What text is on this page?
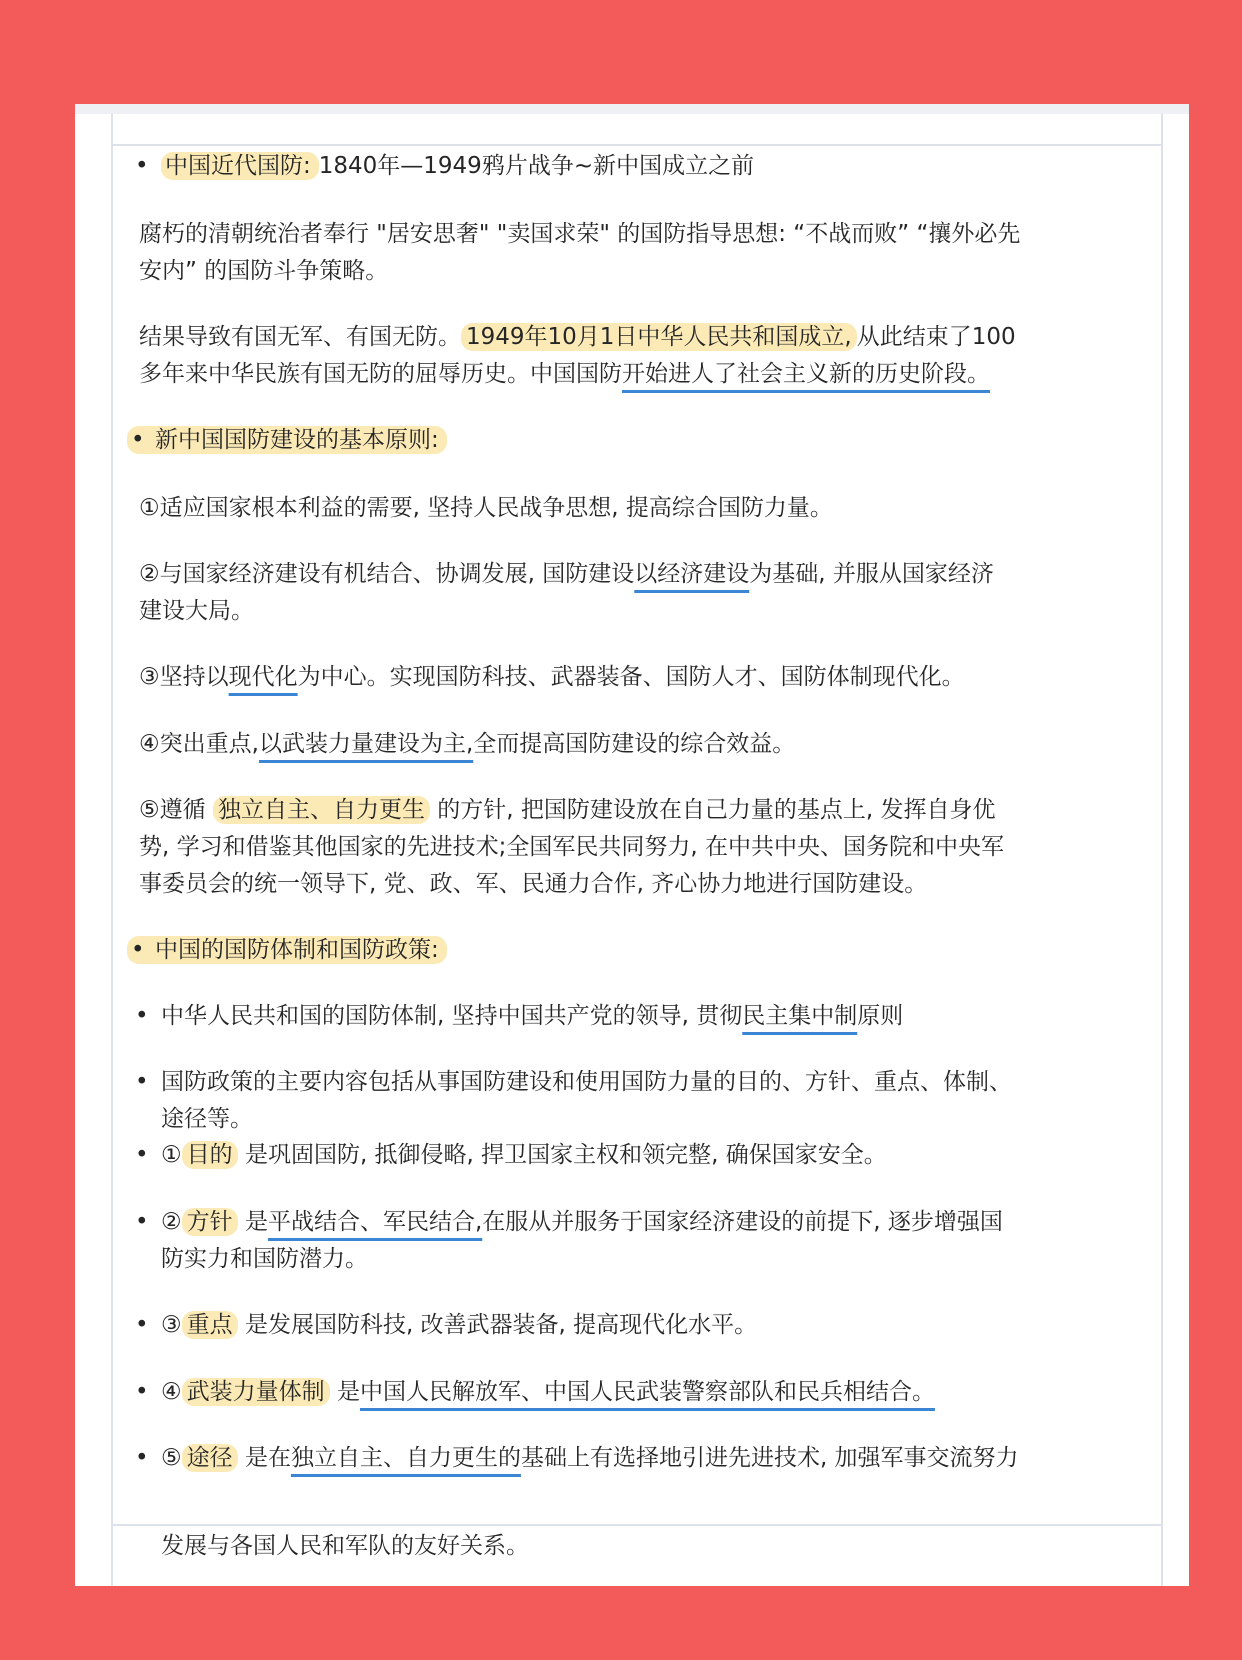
• 中国近代国防: 1840年—1949鸦片战争~新中国成立之前
腐朽的清朝统治者奉行 "居安思奢" "卖国求荣" 的国防指导思想: “不战而败” “攘外必先
安内” 的国防斗争策略。
结果导致有国无军、有国无防。 1949年10月1日中华人民共和国成立, 从此结束了100
多年来中华民族有国无防的屈辱历史。中国国防开始进人了社会主义新的历史阶段。
• 新中国国防建设的基本原则:
①适应国家根本利益的需要, 坚持人民战争思想, 提高综合国防力量。
②与国家经济建设有机结合、协调发展, 国防建设以经济建设为基础, 并服从国家经济
建设大局。
③坚持以现代化为中心。实现国防科技、武器装备、国防人才、国防体制现代化。
④突出重点,以武装力量建设为主,全而提高国防建设的综合效益。
⑤遵循 独立自主、自力更生 的方针, 把国防建设放在自己力量的基点上, 发挥自身优
势, 学习和借鉴其他国家的先进技术;全国军民共同努力, 在中共中央、国务院和中央军
事委员会的统一领导下, 党、政、军、民通力合作, 齐心协力地进行国防建设。
• 中国的国防体制和国防政策:
• 中华人民共和国的国防体制, 坚持中国共产党的领导, 贯彻民主集中制原则
• 国防政策的主要内容包括从事国防建设和使用国防力量的目的、方针、重点、体制、
途径等。
• ① 目的 是巩固国防, 抵御侵略, 捍卫国家主权和领完整, 确保国家安全。
• ② 方针 是平战结合、军民结合,在服从并服务于国家经济建设的前提下, 逐步增强国
防实力和国防潜力。
• ③ 重点 是发展国防科技, 改善武器装备, 提高现代化水平。
• ④ 武装力量体制 是中国人民解放军、中国人民武装警察部队和民兵相结合。
• ⑤ 途径 是在独立自主、自力更生的基础上有选择地引进先进技术, 加强军事交流努力
发展与各国人民和军队的友好关系。
